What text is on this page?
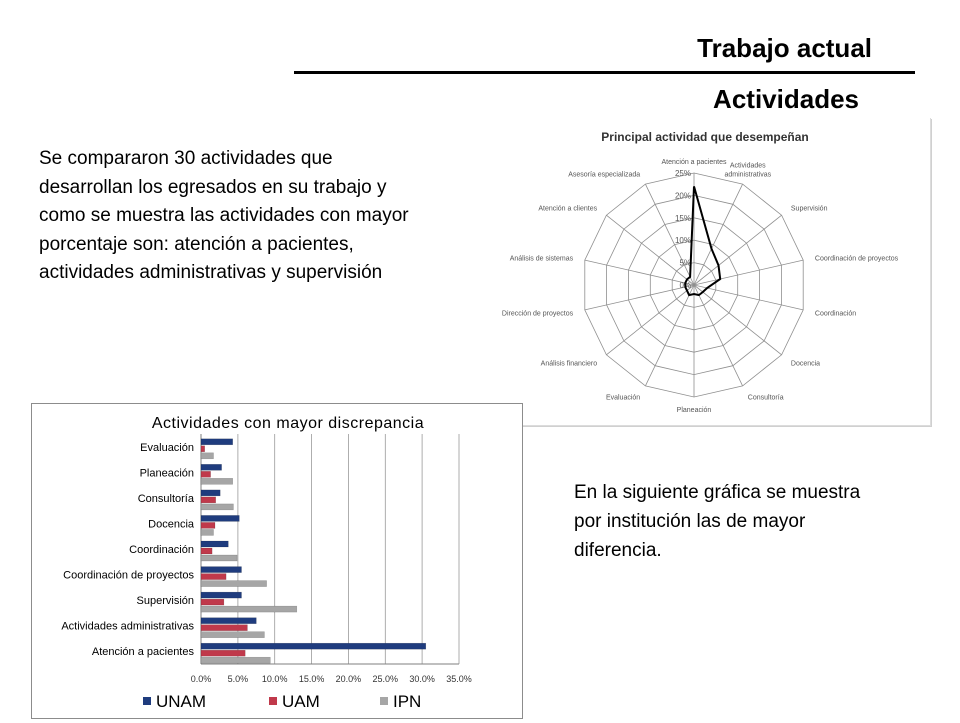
Trabajo actual
Actividades
Se compararon 30 actividades que desarrollan los egresados en su trabajo y como se muestra las actividades con mayor porcentaje son: atención a pacientes, actividades administrativas y supervisión
En la siguiente gráfica se muestra por institución las de mayor diferencia.
Principal actividad que desempeñan
0%
5%
10%
15%
20%
25%
Atención a pacientes Actividades administrativas
Supervisión
Coordinación de proyectos
Coordinación
Docencia
Consultoría
Planeación
Evaluación
Análisis financiero
Dirección de proyectos
Análisis de sistemas
Atención a clientes
Asesoría especializada
Actividades con mayor discrepancia
0.0% 5.0% 10.0% 15.0% 20.0% 25.0% 30.0% 35.0%
Atención a pacientes
Actividades administrativas
Supervisión
Coordinación de proyectos
Coordinación
Docencia
Consultoría
Planeación
Evaluación
UNAM	UAM	IPN
